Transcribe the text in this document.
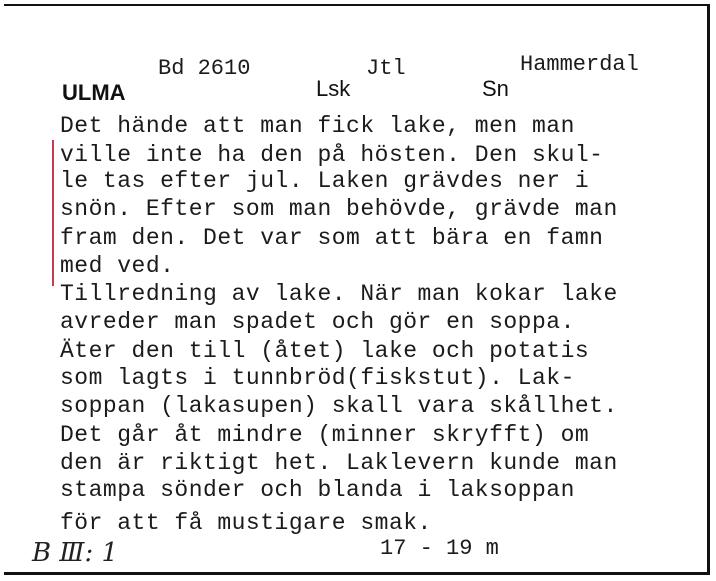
ULMA
Bd 2610
Lsk
Jtl
Sn
Hammerdal
Det hände att man fick lake, men man
ville inte ha den på hösten. Den skul-
le tas efter jul. Laken grävdes ner i
snön. Efter som man behövde, grävde man
fram den. Det var som att bära en famn
med ved.
Tillredning av lake. När man kokar lake
avreder man spadet och gör en soppa.
Äter den till (åtet) lake och potatis
som lagts i tunnbröd(fiskstut). Lak-
soppan (lakasupen) skall vara skållhet.
Det går åt mindre (minner skryfft) om
den är riktigt het. Laklevern kunde man
stampa sönder och blanda i laksoppan
för att få mustigare smak.
B Ⅲ: 1	17 - 19 m
